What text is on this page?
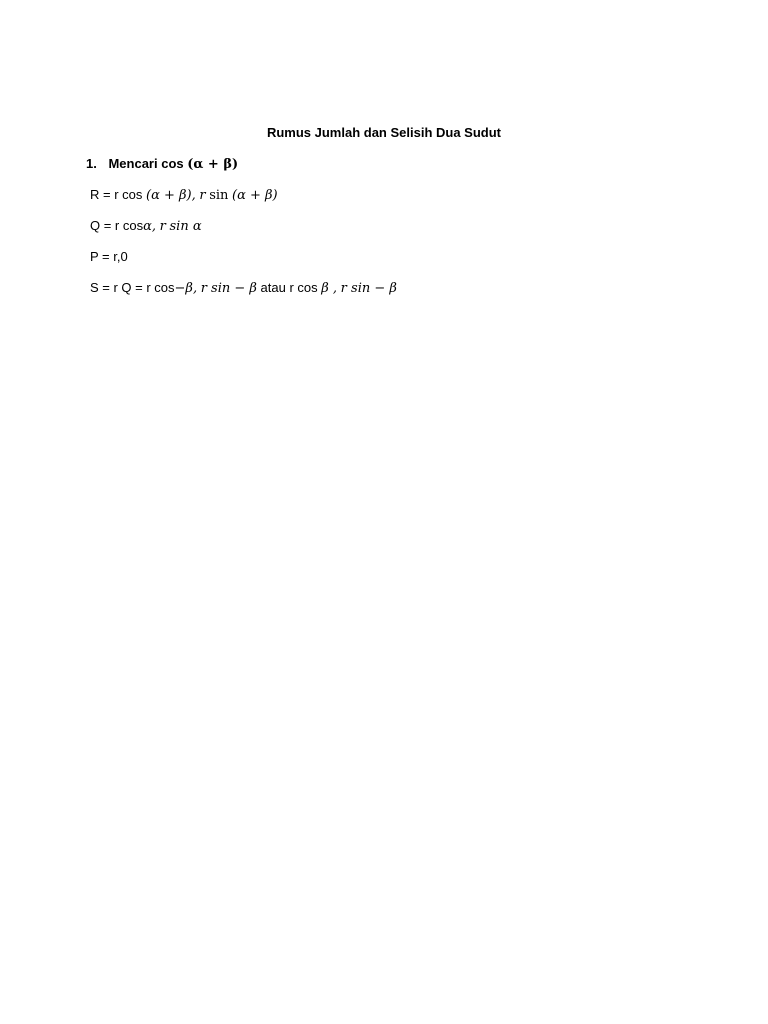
Rumus Jumlah dan Selisih Dua Sudut
1. Mencari cos (α + β)
R = r cos (α + β), r sin (α + β)
Q = r cosα, r sin α
P = r,0
S = r Q = r cos−β, r sin − β atau r cos β , r sin − β
